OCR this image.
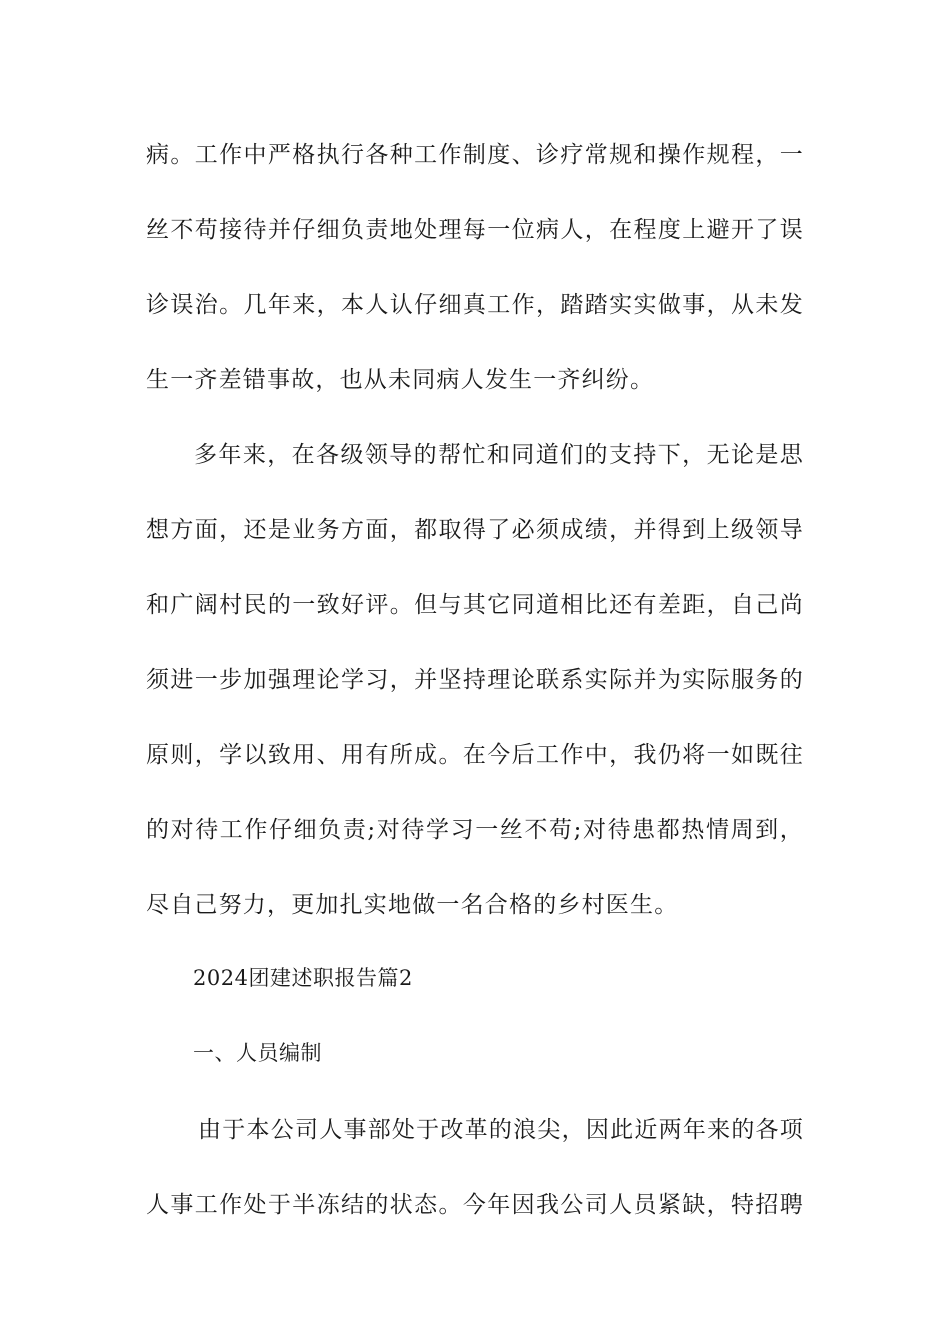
病。工作中严格执行各种工作制度、诊疗常规和操作规程，一
丝不苟接待并仔细负责地处理每一位病人，在程度上避开了误
诊误治。几年来，本人认仔细真工作，踏踏实实做事，从未发
生一齐差错事故，也从未同病人发生一齐纠纷。
多年来，在各级领导的帮忙和同道们的支持下，无论是思
想方面，还是业务方面，都取得了必须成绩，并得到上级领导
和广阔村民的一致好评。但与其它同道相比还有差距，自己尚
须进一步加强理论学习，并坚持理论联系实际并为实际服务的
原则，学以致用、用有所成。在今后工作中，我仍将一如既往
的对待工作仔细负责;对待学习一丝不苟;对待患都热情周到，
尽自己努力，更加扎实地做一名合格的乡村医生。
2024团建述职报告篇2
一、人员编制
由于本公司人事部处于改革的浪尖，因此近两年来的各项
人事工作处于半冻结的状态。今年因我公司人员紧缺，特招聘
